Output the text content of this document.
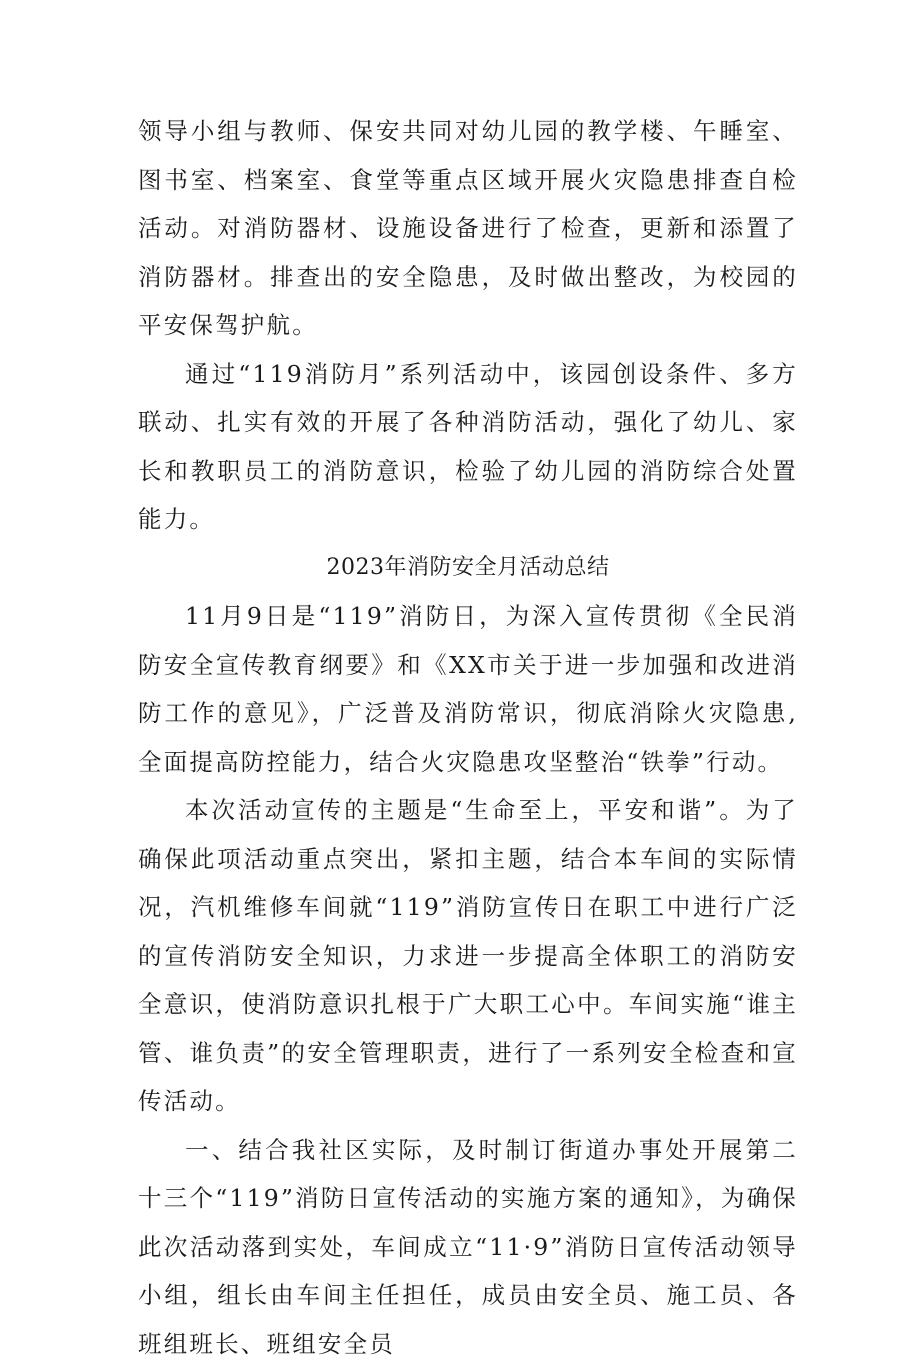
领导小组与教师、保安共同对幼儿园的教学楼、午睡室、图书室、档案室、食堂等重点区域开展火灾隐患排查自检活动。对消防器材、设施设备进行了检查，更新和添置了消防器材。排查出的安全隐患，及时做出整改，为校园的平安保驾护航。

通过“119消防月”系列活动中，该园创设条件、多方联动、扎实有效的开展了各种消防活动，强化了幼儿、家长和教职员工的消防意识，检验了幼儿园的消防综合处置能力。

2023年消防安全月活动总结

11月9日是“119”消防日，为深入宣传贯彻《全民消防安全宣传教育纲要》和《XX市关于进一步加强和改进消防工作的意见》，广泛普及消防常识，彻底消除火灾隐患,全面提高防控能力，结合火灾隐患攻坚整治“铁拳”行动。

本次活动宣传的主题是“生命至上，平安和谐”。为了确保此项活动重点突出，紧扣主题，结合本车间的实际情况，汽机维修车间就“119”消防宣传日在职工中进行广泛的宣传消防安全知识，力求进一步提高全体职工的消防安全意识，使消防意识扎根于广大职工心中。车间实施“谁主管、谁负责”的安全管理职责，进行了一系列安全检查和宣传活动。

一、结合我社区实际，及时制订街道办事处开展第二十三个“119”消防日宣传活动的实施方案的通知》，为确保此次活动落到实处，车间成立“11·9”消防日宣传活动领导小组，组长由车间主任担任，成员由安全员、施工员、各班组班长、班组安全员
